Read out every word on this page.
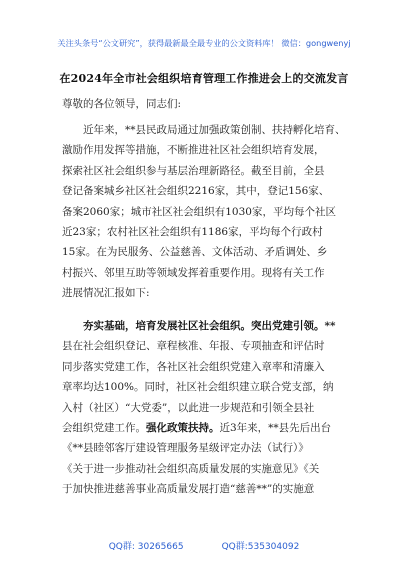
关注头条号“公文研究”，获得最新最全最专业的公文资料库！ 微信：gongwenyj
在2024年全市社会组织培育管理工作推进会上的交流发言
尊敬的各位领导，同志们:
近年来，**县民政局通过加强政策创制、扶持孵化培育、
激励作用发挥等措施，不断推进社区社会组织培育发展，
探索社区社会组织参与基层治理新路径。截至目前，全县
登记备案城乡社区社会组织2216家，其中，登记156家、
备案2060家；城市社区社会组织有1030家，平均每个社区
近23家；农村社区社会组织有1186家，平均每个行政村
15家。在为民服务、公益慈善、文体活动、矛盾调处、乡
村振兴、邻里互助等领域发挥着重要作用。现将有关工作
进展情况汇报如下:
夯实基础，培育发展社区社会组织。突出党建引领。**
县在社会组织登记、章程核准、年报、专项抽查和评估时
同步落实党建工作，各社区社会组织党建入章率和清廉入
章率均达100%。同时，社区社会组织建立联合党支部，纳
入村（社区）“大党委”，以此进一步规范和引领全县社
会组织党建工作。强化政策扶持。近3年来，**县先后出台
《**县睦邻客厅建设管理服务星级评定办法（试行）》
《关于进一步推动社会组织高质量发展的实施意见》《关
于加快推进慈善事业高质量发展打造“慈善**”的实施意
QQ群: 30265665	QQ群:535304092
